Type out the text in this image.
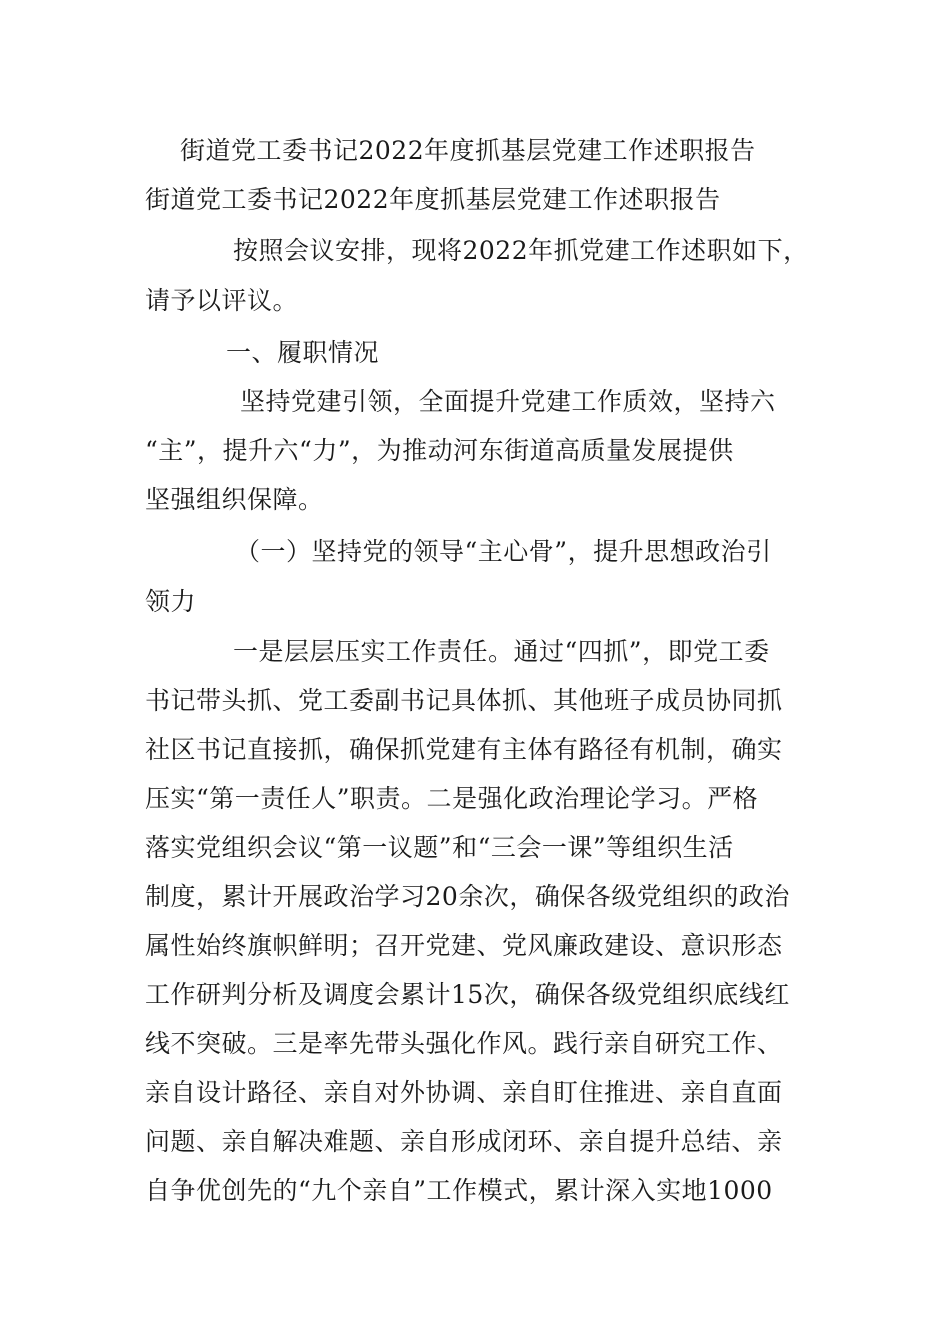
街道党工委书记2022年度抓基层党建工作述职报告
街道党工委书记2022年度抓基层党建工作述职报告
按照会议安排，现将2022年抓党建工作述职如下，
请予以评议。
一、履职情况
坚持党建引领，全面提升党建工作质效，坚持六
“主”，提升六“力”，为推动河东街道高质量发展提供
坚强组织保障。
（一）坚持党的领导“主心骨”，提升思想政治引
领力
一是层层压实工作责任。通过“四抓”，即党工委
书记带头抓、党工委副书记具体抓、其他班子成员协同抓
社区书记直接抓，确保抓党建有主体有路径有机制，确实
压实“第一责任人”职责。二是强化政治理论学习。严格
落实党组织会议“第一议题”和“三会一课”等组织生活
制度，累计开展政治学习20余次，确保各级党组织的政治
属性始终旗帜鲜明；召开党建、党风廉政建设、意识形态
工作研判分析及调度会累计15次，确保各级党组织底线红
线不突破。三是率先带头强化作风。践行亲自研究工作、
亲自设计路径、亲自对外协调、亲自盯住推进、亲自直面
问题、亲自解决难题、亲自形成闭环、亲自提升总结、亲
自争优创先的“九个亲自”工作模式，累计深入实地1000
